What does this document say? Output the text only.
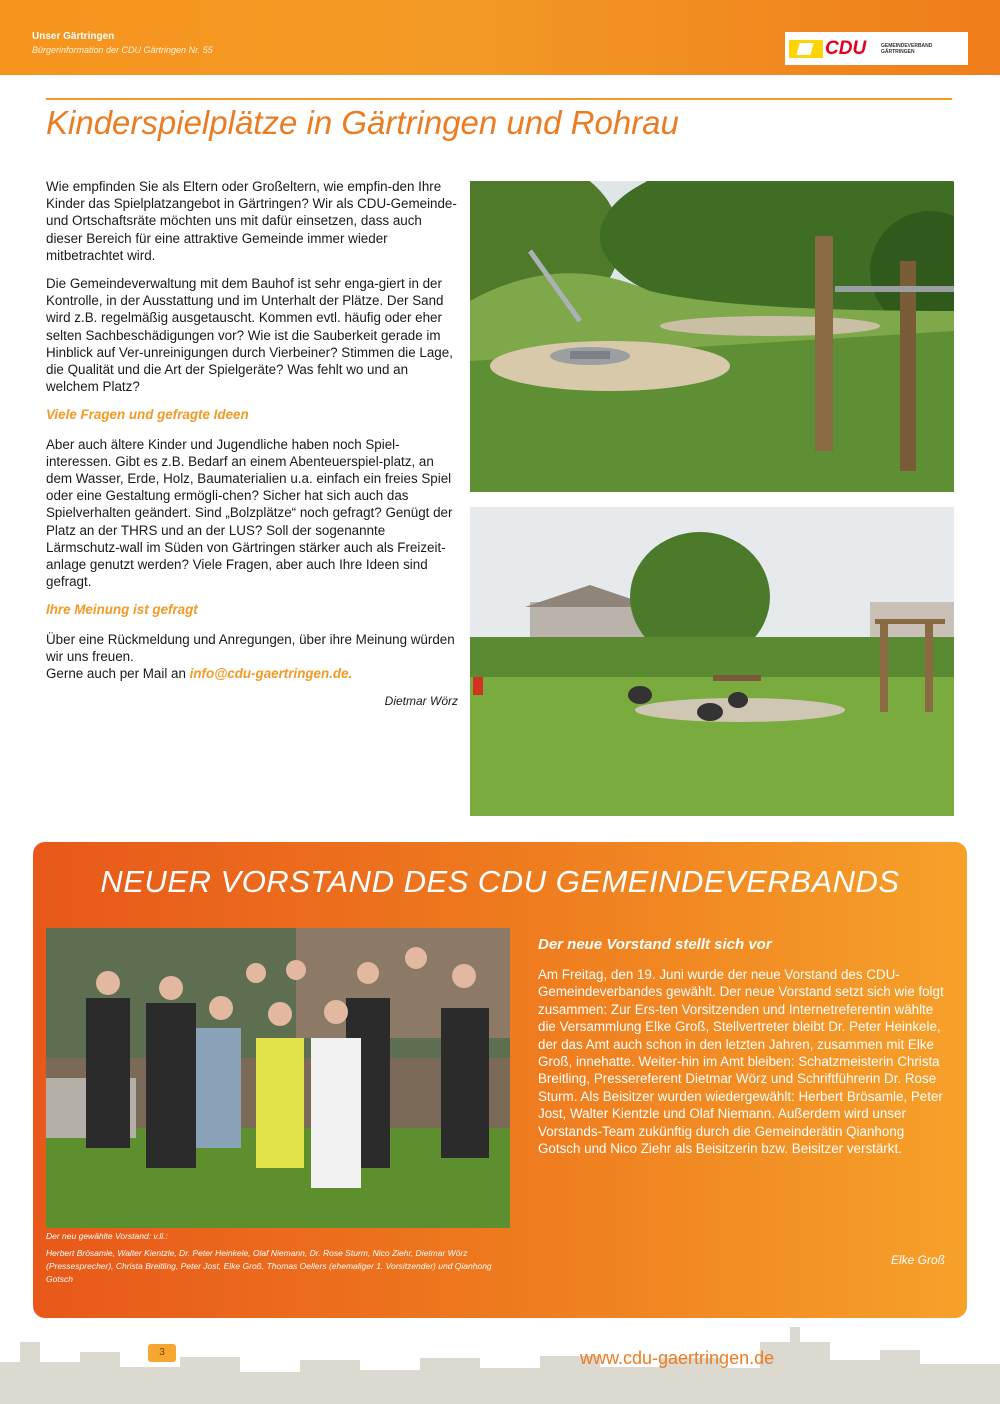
Unser Gärtringen
Bürgerinformation der CDU Gärtringen Nr. 55	CDU	GEMEINDEVERBAND
GÄRTRINGEN
Kinderspielplätze in Gärtringen und Rohrau

Wie empfinden Sie als Eltern oder Großeltern, wie empfin-den Ihre Kinder das Spielplatzangebot in Gärtringen? Wir als CDU-Gemeinde- und Ortschaftsräte möchten uns mit dafür einsetzen, dass auch dieser Bereich für eine attraktive Gemeinde immer wieder mitbetrachtet wird.

Die Gemeindeverwaltung mit dem Bauhof ist sehr enga-giert in der Kontrolle, in der Ausstattung und im Unterhalt der Plätze. Der Sand wird z.B. regelmäßig ausgetauscht. Kommen evtl. häufig oder eher selten Sachbeschädigungen vor? Wie ist die Sauberkeit gerade im Hinblick auf Ver-unreinigungen durch Vierbeiner? Stimmen die Lage, die Qualität und die Art der Spielgeräte? Was fehlt wo und an welchem Platz?

Viele Fragen und gefragte Ideen

Aber auch ältere Kinder und Jugendliche haben noch Spiel-interessen. Gibt es z.B. Bedarf an einem Abenteuerspiel-platz, an dem Wasser, Erde, Holz, Baumaterialien u.a. einfach ein freies Spiel oder eine Gestaltung ermögli-chen? Sicher hat sich auch das Spielverhalten geändert. Sind „Bolzplätze“ noch gefragt? Genügt der Platz an der THRS und an der LUS? Soll der sogenannte Lärmschutz-wall im Süden von Gärtringen stärker auch als Freizeit-anlage genutzt werden? Viele Fragen, aber auch Ihre Ideen sind gefragt.

Ihre Meinung ist gefragt

Über eine Rückmeldung und Anregungen, über ihre Meinung würden wir uns freuen.

Gerne auch per Mail an info@cdu-gaertringen.de.

Dietmar Wörz
NEUER VORSTAND DES CDU GEMEINDEVERBANDS
Der neu gewählte Vorstand: v.li.:
Herbert Brösamle, Walter Kientzle, Dr. Peter Heinkele, Olaf Niemann, Dr. Rose Sturm, Nico Ziehr, Dietmar Wörz (Pressesprecher), Christa Breitling, Peter Jost, Elke Groß, Thomas Oellers (ehemaliger 1. Vorsitzender) und Qianhong Gotsch
Der neue Vorstand stellt sich vor
Am Freitag, den 19. Juni wurde der neue Vorstand des CDU- Gemeindeverbandes gewählt. Der neue Vorstand setzt sich wie folgt zusammen: Zur Ers-ten Vorsitzenden und Internetreferentin wählte die Versammlung Elke Groß, Stellvertreter bleibt Dr. Peter Heinkele, der das Amt auch schon in den letzten Jahren, zusammen mit Elke Groß, innehatte. Weiter-hin im Amt bleiben: Schatzmeisterin Christa Breitling, Pressereferent Dietmar Wörz und Schriftführerin Dr. Rose Sturm. Als Beisitzer wurden wiedergewählt: Herbert Brösamle, Peter Jost, Walter Kientzle und Olaf Niemann. Außerdem wird unser Vorstands-Team zukünftig durch die Gemeinderätin Qianhong Gotsch und Nico Ziehr als Beisitzerin bzw. Beisitzer verstärkt.
Elke Groß
3	www.cdu-gaertringen.de
